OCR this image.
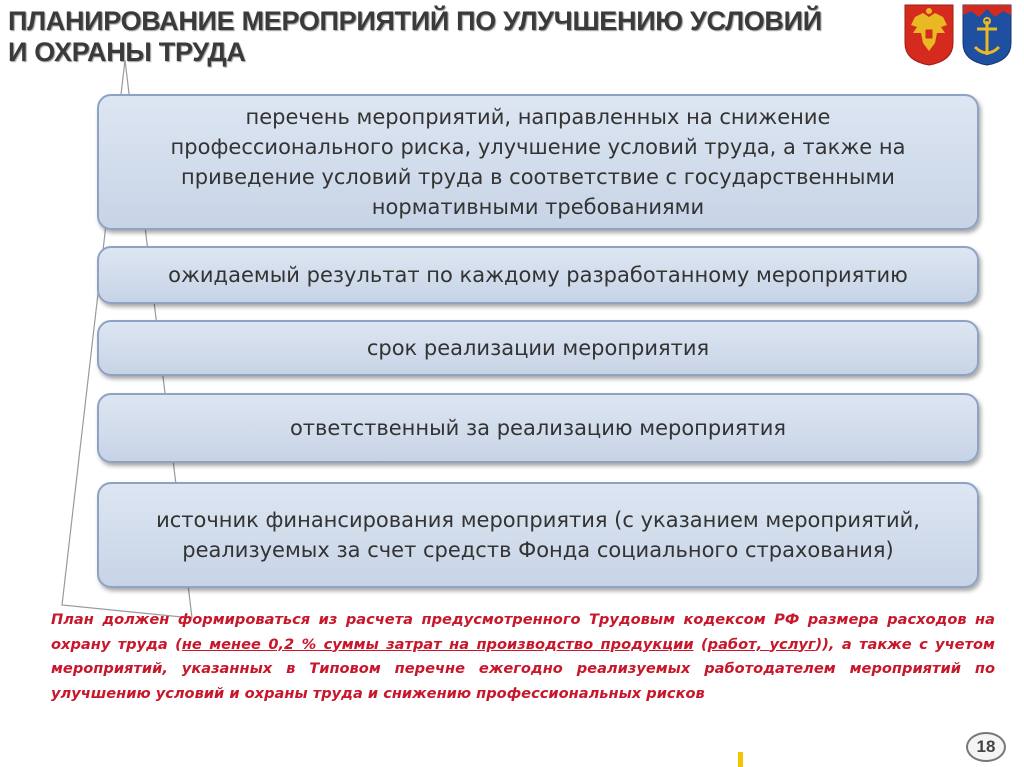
ПЛАНИРОВАНИЕ МЕРОПРИЯТИЙ ПО УЛУЧШЕНИЮ УСЛОВИЙ
И ОХРАНЫ ТРУДА
перечень мероприятий, направленных на снижение
профессионального риска, улучшение условий труда, а также на
приведение условий труда в соответствие с государственными
нормативными требованиями
ожидаемый результат по каждому разработанному мероприятию
срок реализации мероприятия
ответственный за реализацию мероприятия
источник финансирования мероприятия (с указанием мероприятий,
реализуемых за счет средств Фонда социального страхования)

План должен формироваться из расчета предусмотренного Трудовым кодексом РФ размера расходов на охрану труда (не менее 0,2 % суммы затрат на производство продукции (работ, услуг)), а также с учетом мероприятий, указанных в Типовом перечне ежегодно реализуемых работодателем мероприятий по улучшению условий и охраны труда и снижению профессиональных рисков

18
